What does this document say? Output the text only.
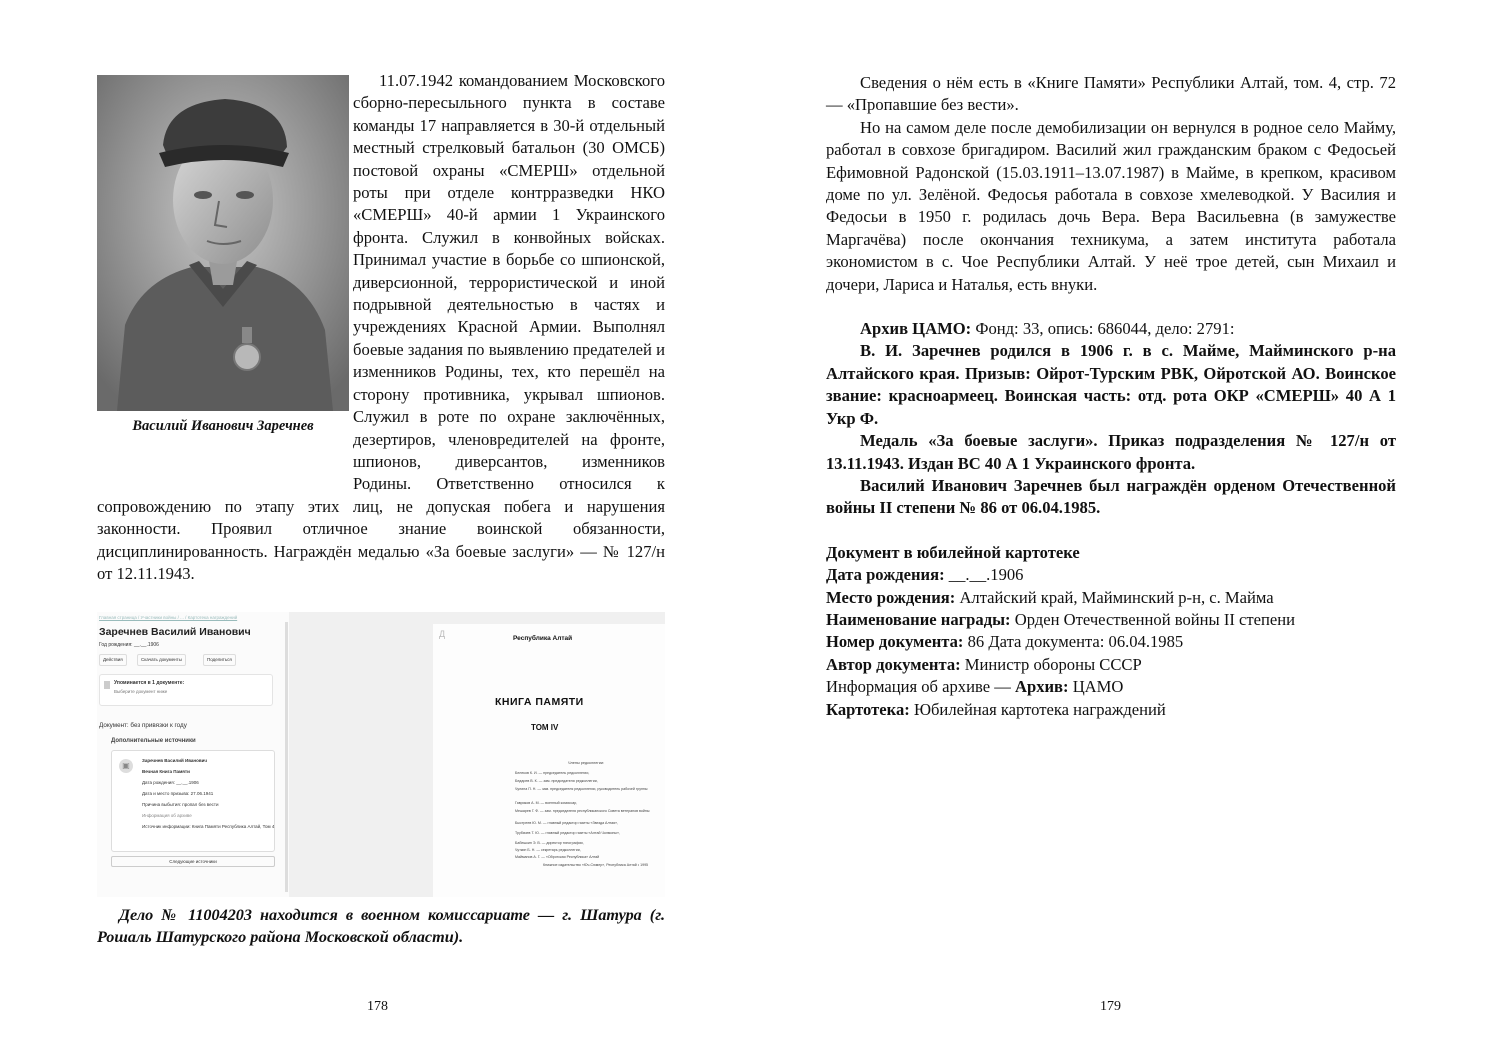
Василий Иванович Заречнев

11.07.1942 командованием Московского сборно-пересыльного пункта в составе команды 17 направляется в 30-й отдельный местный стрелковый батальон (30 ОМСБ) постовой охраны «СМЕРШ» отдельной роты при отделе контрразведки НКО «СМЕРШ» 40-й армии 1 Украинского фронта. Служил в конвойных войсках. Принимал участие в борьбе со шпионской, диверсионной, террористической и иной подрывной деятельностью в частях и учреждениях Красной Армии. Выполнял боевые задания по выявлению предателей и изменников Родины, тех, кто перешёл на сторону противника, укрывал шпионов. Служил в роте по охране заключённых, дезертиров, членовредителей на фронте, шпионов, диверсантов, изменников Родины. Ответственно относился к сопровождению по этапу этих лиц, не допуская побега и нарушения законности. Проявил отличное знание воинской обязанности, дисциплинированность. Награждён медалью «За боевые заслуги» — № 127/н от 12.11.1943.

Главная страница / Участники войны / ... / Картотека награждений
Заречнев Василий Иванович
Год рождения: __.__.1906
Действия	Скачать документы	Поделиться
Упоминается в 1 документе:
Выберите документ ниже
Документ: без привязки к году
Дополнительные источники
▣
Заречнев Василий Иванович
Вечная Книга Памяти
Дата рождения: __.__.1906
Дата и место призыва: 27.06.1941
Причина выбытия: пропал без вести
Информация об архиве
Источник информации: Книга Памяти Республика Алтай, Том 4
Следующие источники
Д	Республика Алтай
КНИГА ПАМЯТИ
ТОМ IV
Члены редколлегии:
Белеков К. И. — председатель редколлегии,
Бедарев В. К. — зам. председателя редколлегии,
Чулина П. Н. — зам. председателя редколлегии, руководитель рабочей группы
Гавриков А. М. — военный комиссар,
Мешарев Г. Ф. — зам. председателя республиканского Совета ветеранов войны
Быстреев Ю. М. — главный редактор газеты «Звезда Алтая»,
Трубачев Т. Ю. — главный редактор газеты «Алтай Чолмоны»,
Бабешкин Э. В. — директор типографии,
Чуткин Б. Н. — секретарь редколлегии,
Майманов А. Г. — «Ойротская Республика» Алтай
Книжное издательство «Юч-Сюмер», Республика Алтай • 1995

Дело № 11004203 находится в военном комиссариате — г. Шатура (г. Рошаль Шатурского района Московской области).

178

Сведения о нём есть в «Книге Памяти» Республики Алтай, том. 4, стр. 72 — «Пропавшие без вести».

Но на самом деле после демобилизации он вернулся в родное село Майму, работал в совхозе бригадиром. Василий жил гражданским браком с Федосьей Ефимовной Радонской (15.03.1911–13.07.1987) в Майме, в крепком, красивом доме по ул. Зелёной. Федосья работала в совхозе хмелеводкой. У Василия и Федосьи в 1950 г. родилась дочь Вера. Вера Васильевна (в замужестве Маргачёва) после окончания техникума, а затем института работала экономистом в с. Чое Республики Алтай. У неё трое детей, сын Михаил и дочери, Лариса и Наталья, есть внуки.

Архив ЦАМО: Фонд: 33, опись: 686044, дело: 2791:

В. И. Заречнев родился в 1906 г. в с. Майме, Майминского р-на Алтайского края. Призыв: Ойрот-Турским РВК, Ойротской АО. Воинское звание: красноармеец. Воинская часть: отд. рота ОКР «СМЕРШ» 40 А 1 Укр Ф.

Медаль «За боевые заслуги». Приказ подразделения № 127/н от 13.11.1943. Издан ВС 40 А 1 Украинского фронта.

Василий Иванович Заречнев был награждён орденом Отечественной войны II степени № 86 от 06.04.1985.

Документ в юбилейной картотеке

Дата рождения: __.__.1906

Место рождения: Алтайский край, Майминский р-н, с. Майма

Наименование награды: Орден Отечественной войны II степени

Номер документа: 86 Дата документа: 06.04.1985

Автор документа: Министр обороны СССР

Информация об архиве — Архив: ЦАМО

Картотека: Юбилейная картотека награждений

179
